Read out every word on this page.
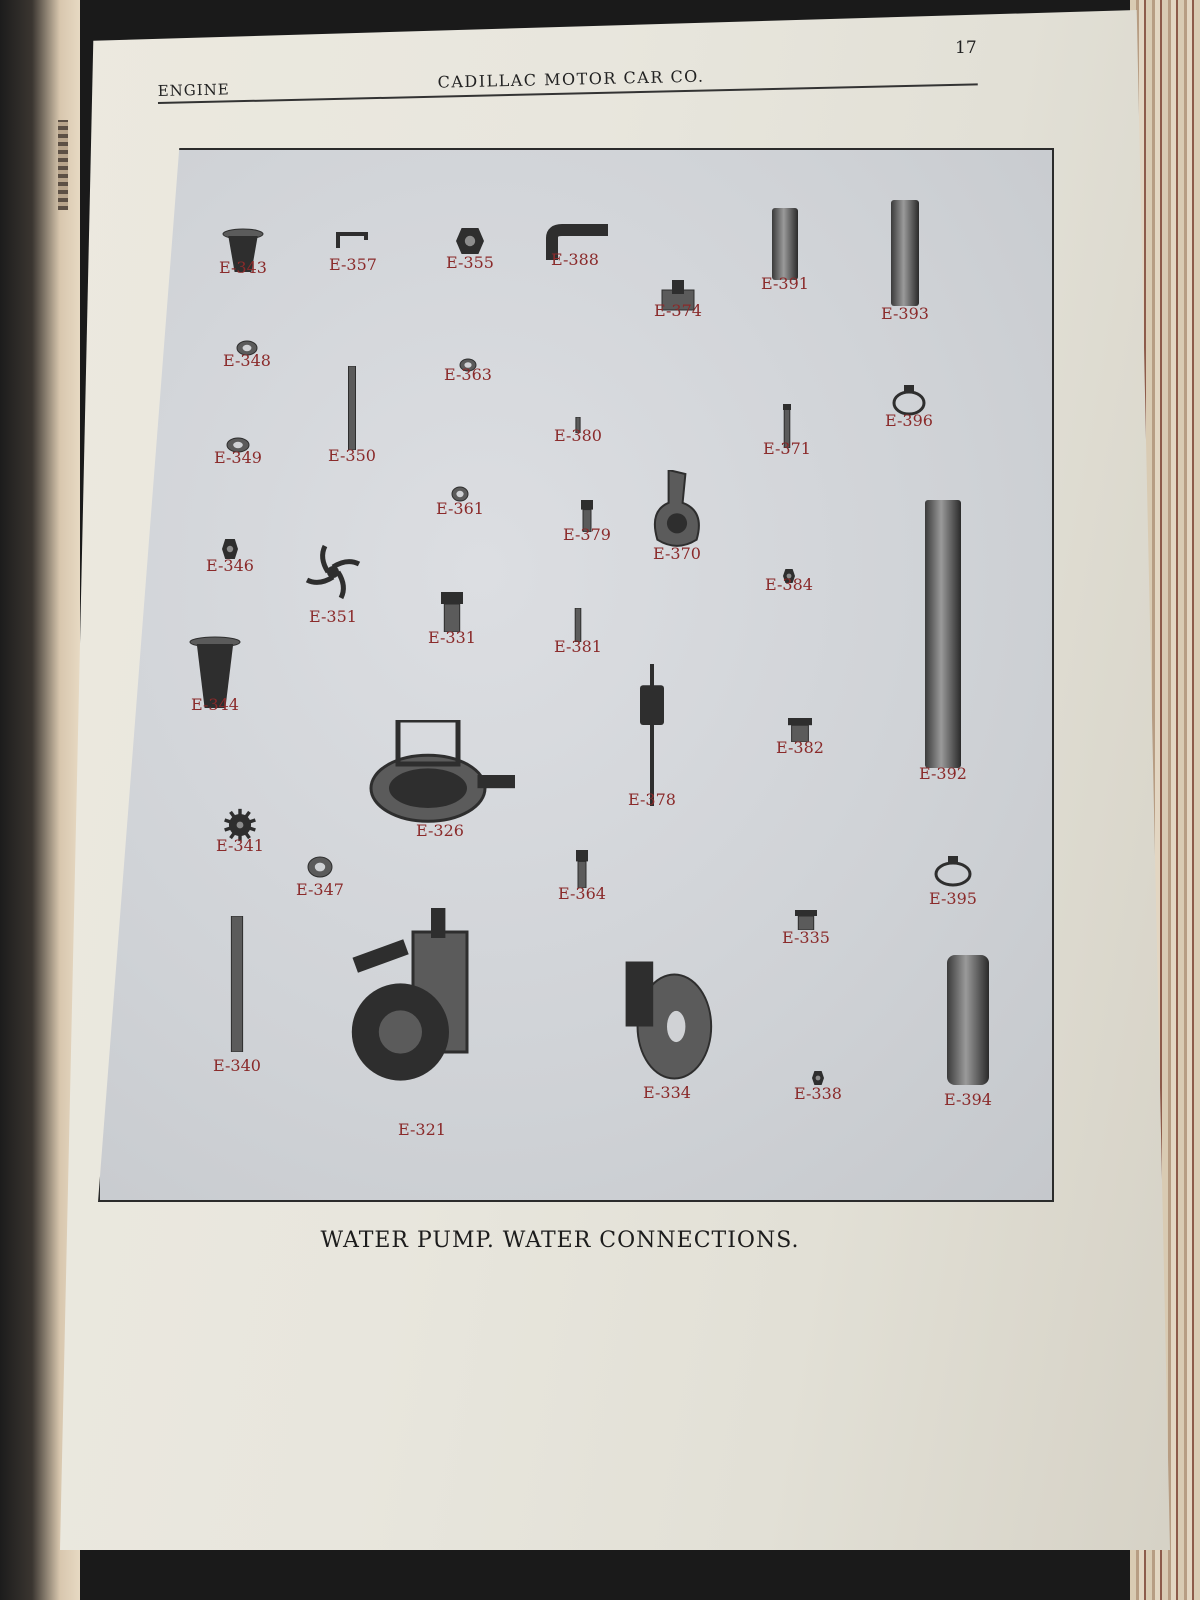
17
ENGINE	CADILLAC MOTOR CAR CO.
E-343	E-357	E-355	E-388
E-374
E-391
E-393
E-348
E-363
E-350
E-380
E-371
E-396
E-349
E-361
E-379
E-370
E-346
E-351
E-331	E-381
E-384
E-392
E-344
E-378
E-382
E-326
E-341
E-347	E-364	E-395
E-335
E-340
E-321
E-334	E-338	E-394
WATER PUMP. WATER CONNECTIONS.
